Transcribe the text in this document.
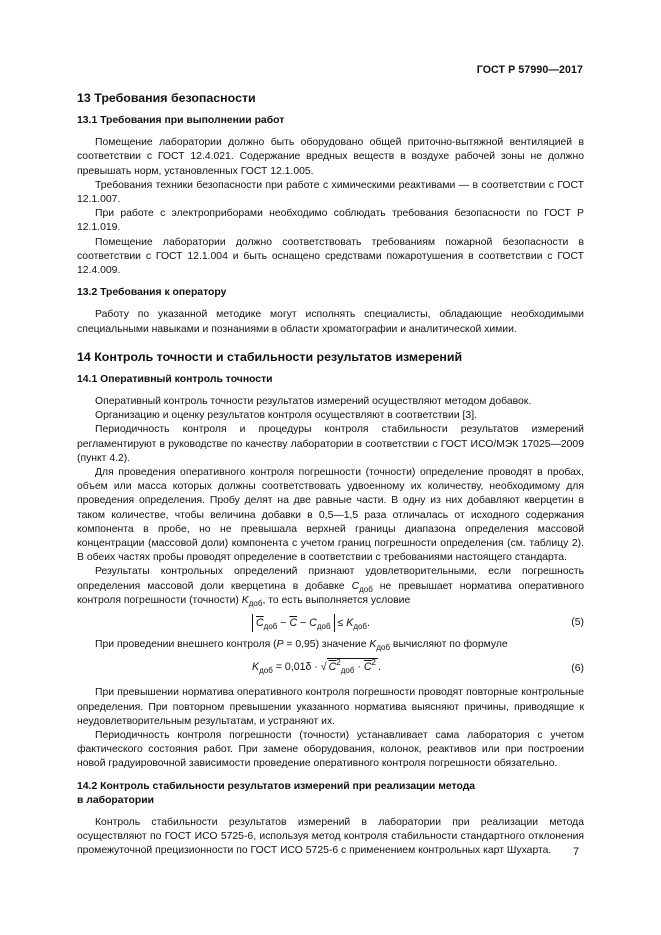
ГОСТ Р 57990—2017
13 Требования безопасности
13.1 Требования при выполнении работ

Помещение лаборатории должно быть оборудовано общей приточно-вытяжной вентиляцией в соответствии с ГОСТ 12.4.021. Содержание вредных веществ в воздухе рабочей зоны не должно превышать норм, установленных ГОСТ 12.1.005.

Требования техники безопасности при работе с химическими реактивами — в соответствии с ГОСТ 12.1.007.

При работе с электроприборами необходимо соблюдать требования безопасности по ГОСТ Р 12.1.019.

Помещение лаборатории должно соответствовать требованиям пожарной безопасности в соответствии с ГОСТ 12.1.004 и быть оснащено средствами пожаротушения в соответствии с ГОСТ 12.4.009.

13.2 Требования к оператору

Работу по указанной методике могут исполнять специалисты, обладающие необходимыми специальными навыками и познаниями в области хроматографии и аналитической химии.

14 Контроль точности и стабильности результатов измерений
14.1 Оперативный контроль точности

Оперативный контроль точности результатов измерений осуществляют методом добавок.

Организацию и оценку результатов контроля осуществляют в соответствии [3].

Периодичность контроля и процедуры контроля стабильности результатов измерений регламентируют в руководстве по качеству лаборатории в соответствии с ГОСТ ИСО/МЭК 17025—2009 (пункт 4.2).

Для проведения оперативного контроля погрешности (точности) определение проводят в пробах, объем или масса которых должны соответствовать удвоенному их количеству, необходимому для проведения определения. Пробу делят на две равные части. В одну из них добавляют кверцетин в таком количестве, чтобы величина добавки в 0,5—1,5 раза отличалась от исходного содержания компонента в пробе, но не превышала верхней границы диапазона определения массовой концентрации (массовой доли) компонента с учетом границ погрешности определения (см. таблицу 2). В обеих частях пробы проводят определение в соответствии с требованиями настоящего стандарта.

Результаты контрольных определений признают удовлетворительными, если погрешность определения массовой доли кверцетина в добавке $C_{доб}$ не превышает норматива оперативного контроля погрешности (точности) $K_{доб}$, то есть выполняется условие

$\overline{C}_{доб} - \overline{C} - C_{доб} \le K_{доб}$.	(5)

При проведении внешнего контроля (P = 0,95) значение $K_{доб}$ вычисляют по формуле

$K_{доб} = 0,01\delta$ · √ $C^2_{доб} \cdot \overline{C}^2$ .	(6)

При превышении норматива оперативного контроля погрешности проводят повторные контрольные определения. При повторном превышении указанного норматива выясняют причины, приводящие к неудовлетворительным результатам, и устраняют их.

Периодичность контроля погрешности (точности) устанавливает сама лаборатория с учетом фактического состояния работ. При замене оборудования, колонок, реактивов или при построении новой градуировочной зависимости проведение оперативного контроля погрешности обязательно.

14.2 Контроль стабильности результатов измерений при реализации метода
в лаборатории

Контроль стабильности результатов измерений в лаборатории при реализации метода осуществляют по ГОСТ ИСО 5725-6, используя метод контроля стабильности стандартного отклонения промежуточной прецизионности по ГОСТ ИСО 5725-6 с применением контрольных карт Шухарта.	7
